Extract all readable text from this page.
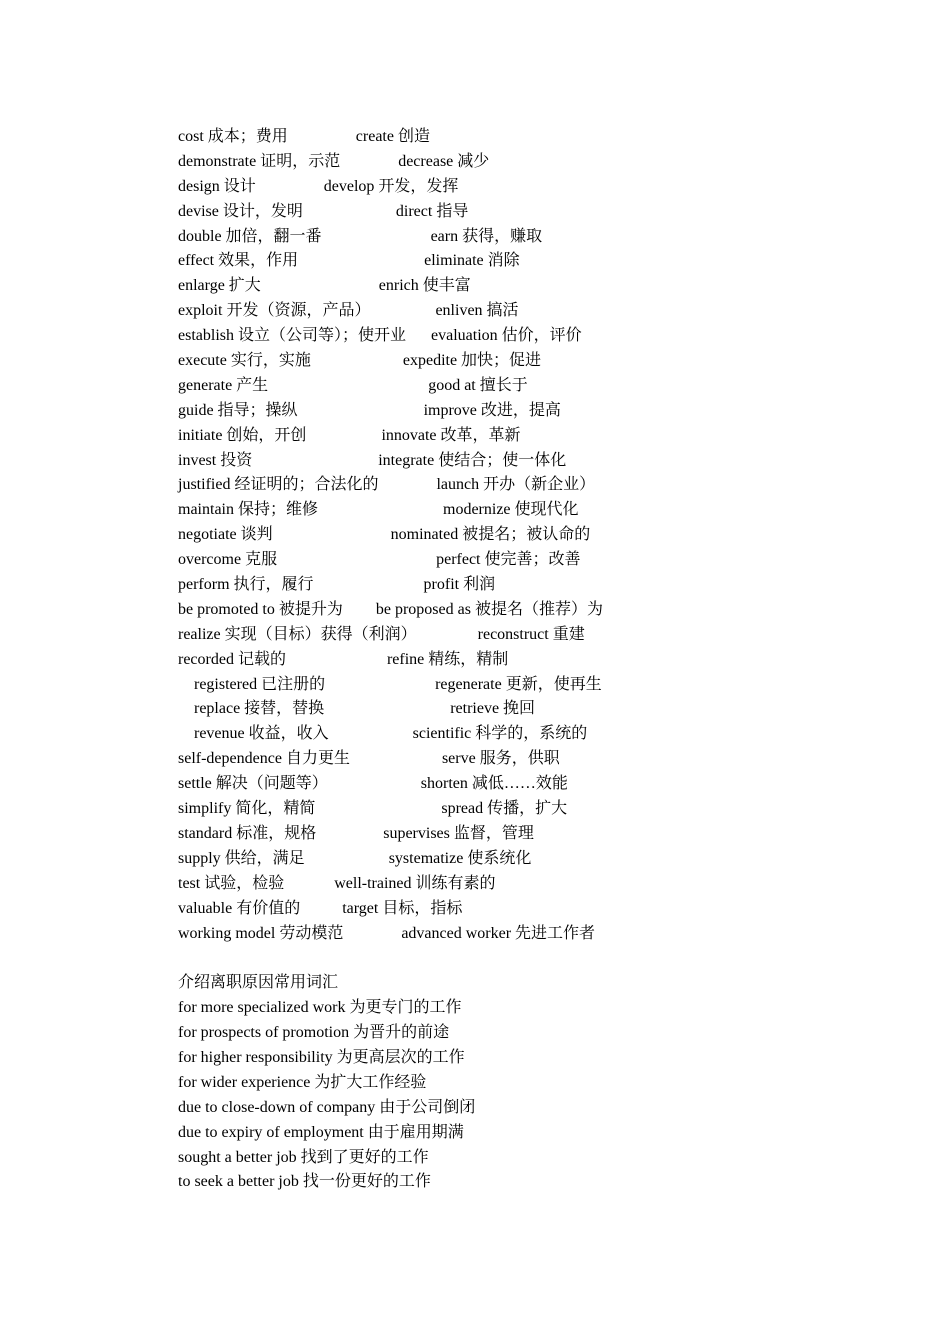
cost 成本；费用	create 创造
demonstrate 证明，示范	decrease 减少
design 设计	develop 开发，发挥
devise 设计，发明	direct 指导
double 加倍，翻一番	earn 获得，赚取
effect 效果，作用	eliminate 消除
enlarge 扩大	enrich 使丰富
exploit 开发（资源，产品）	enliven 搞活
establish 设立（公司等）；使开业 evaluation 估价，评价
execute 实行，实施	expedite 加快；促进
generate 产生	good at 擅长于
guide 指导；操纵	improve 改进，提高
initiate 创始，开创	innovate 改革，革新
invest 投资	integrate 使结合；使一体化
justified 经证明的；合法化的	launch 开办（新企业）
maintain 保持；维修	modernize 使现代化
negotiate 谈判	nominated 被提名；被认命的
overcome 克服	perfect 使完善；改善
perform 执行，履行	profit 利润
be promoted to 被提升为 be proposed as 被提名（推荐）为
realize 实现（目标）获得（利润）	reconstruct 重建
recorded 记载的	refine 精练，精制
registered 已注册的	regenerate 更新，使再生
replace 接替，替换	retrieve 挽回
revenue 收益，收入	scientific 科学的，系统的
self-dependence 自力更生	serve 服务，供职
settle 解决（问题等）	shorten 减低……效能
simplify 简化，精简	spread 传播，扩大
standard 标准，规格	supervises 监督，管理
supply 供给，满足	systematize 使系统化
test 试验，检验	well-trained 训练有素的
valuable 有价值的	target 目标，指标
working model 劳动模范	advanced worker 先进工作者
介绍离职原因常用词汇
for more specialized work 为更专门的工作
for prospects of promotion 为晋升的前途
for higher responsibility 为更高层次的工作
for wider experience 为扩大工作经验
due to close-down of company 由于公司倒闭
due to expiry of employment 由于雇用期满
sought a better job 找到了更好的工作
to seek a better job 找一份更好的工作
